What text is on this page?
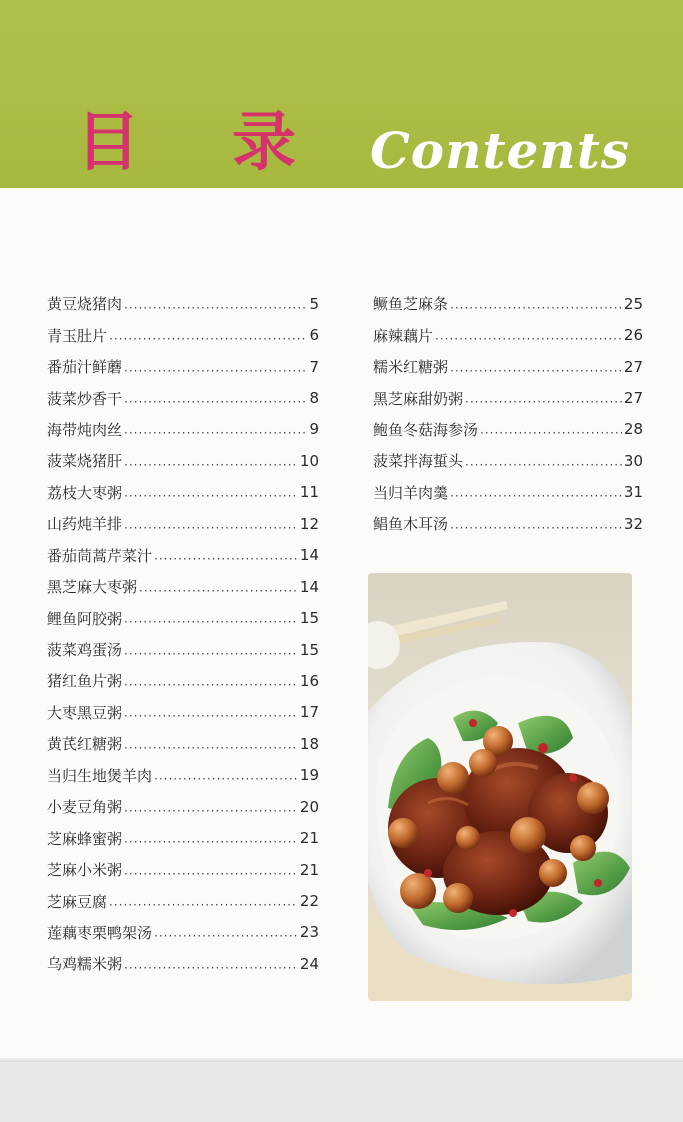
目 录 Contents
黄豆烧猪肉 ·····	5
青玉肚片 ·····	6
番茄汁鲜蘑 ·····	7
菠菜炒香干 ·····	8
海带炖肉丝 ·····	9
菠菜烧猪肝 ·····	10
荔枝大枣粥 ·····	11
山药炖羊排 ·····	12
番茄茼蒿芹菜汁 ·····	14
黑芝麻大枣粥 ·····	14
鲤鱼阿胶粥 ·····	15
菠菜鸡蛋汤 ·····	15
猪红鱼片粥 ·····	16
大枣黑豆粥 ·····	17
黄芪红糖粥 ·····	18
当归生地煲羊肉 ·····	19
小麦豆角粥 ·····	20
芝麻蜂蜜粥 ·····	21
芝麻小米粥 ·····	21
芝麻豆腐 ·····	22
莲藕枣栗鸭架汤 ·····	23
乌鸡糯米粥 ·····	24
鳜鱼芝麻条 ·····	25
麻辣藕片 ·····	26
糯米红糖粥 ·····	27
黑芝麻甜奶粥 ·····	27
鲍鱼冬菇海参汤 ·····	28
菠菜拌海蜇头 ·····	30
当归羊肉羹 ·····	31
鲳鱼木耳汤 ·····	32
